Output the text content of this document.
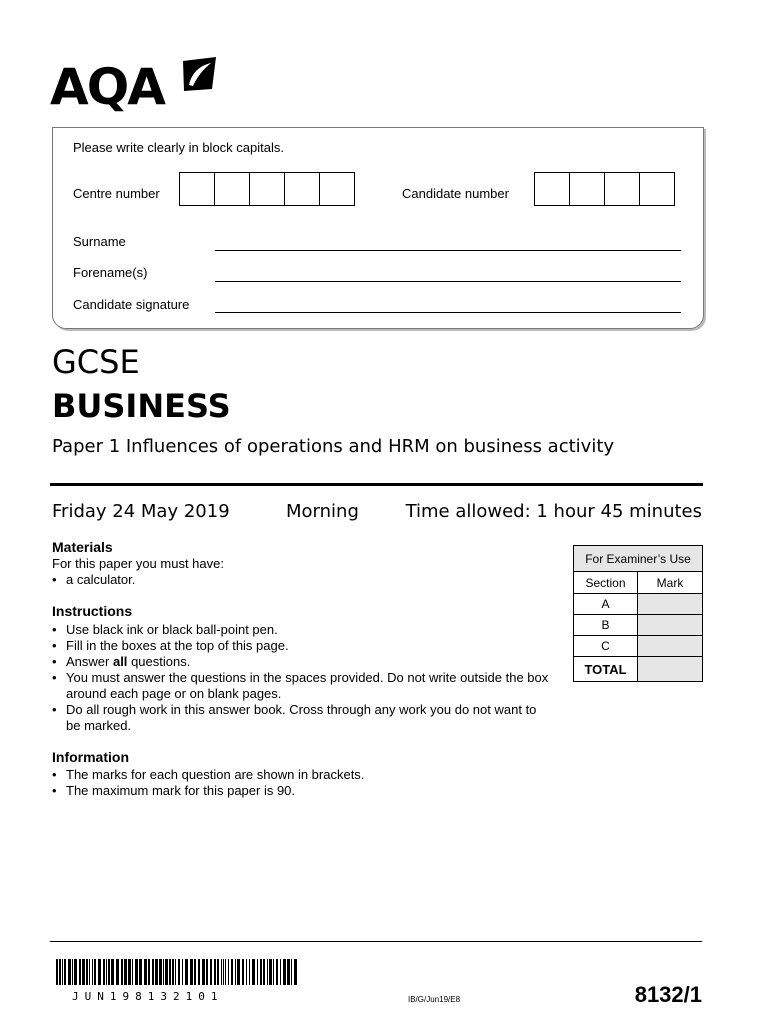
AQA
Please write clearly in block capitals.
Centre number	Candidate number
Surname
Forename(s)
Candidate signature
GCSE
BUSINESS
Paper 1 Influences of operations and HRM on business activity
Friday 24 May 2019	Morning	Time allowed: 1 hour 45 minutes
Materials
For this paper you must have:
• a calculator.
Instructions
• Use black ink or black ball-point pen.
• Fill in the boxes at the top of this page.
• Answer all questions.
• You must answer the questions in the spaces provided. Do not write outside the box around each page or on blank pages.
• Do all rough work in this answer book. Cross through any work you do not want to be marked.
Information
• The marks for each question are shown in brackets.
• The maximum mark for this paper is 90.
For Examiner’s Use	
Section	Mark
A	
B	
C	
TOTAL	
JUN198132101	IB/G/Jun19/E8	8132/1
